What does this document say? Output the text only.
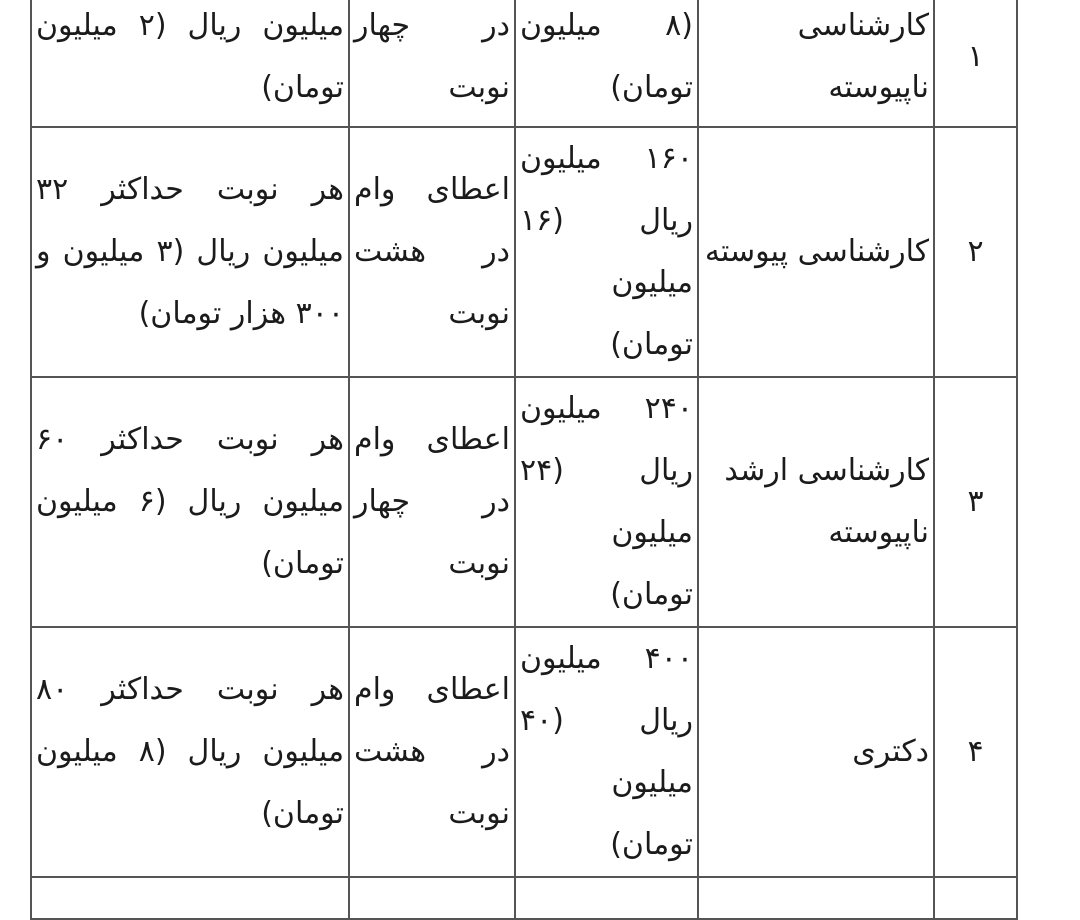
۱	کارشناسی ناپیوسته	(۸ میلیون تومان)	در چهار نوبت	میلیون ریال (۲ میلیون تومان)
۲	کارشناسی پیوسته	۱۶۰ میلیون ریال (۱۶ میلیون تومان)	اعطای وام در هشت نوبت	هر نوبت حداکثر ۳۲ میلیون ریال (۳ میلیون و ۳۰۰ هزار تومان)
۳	کارشناسی ارشد ناپیوسته	۲۴۰ میلیون ریال (۲۴ میلیون تومان)	اعطای وام در چهار نوبت	هر نوبت حداکثر ۶۰ میلیون ریال (۶ میلیون تومان)
۴	دکتری	۴۰۰ میلیون ریال (۴۰ میلیون تومان)	اعطای وام در هشت نوبت	هر نوبت حداکثر ۸۰ میلیون ریال (۸ میلیون تومان)
